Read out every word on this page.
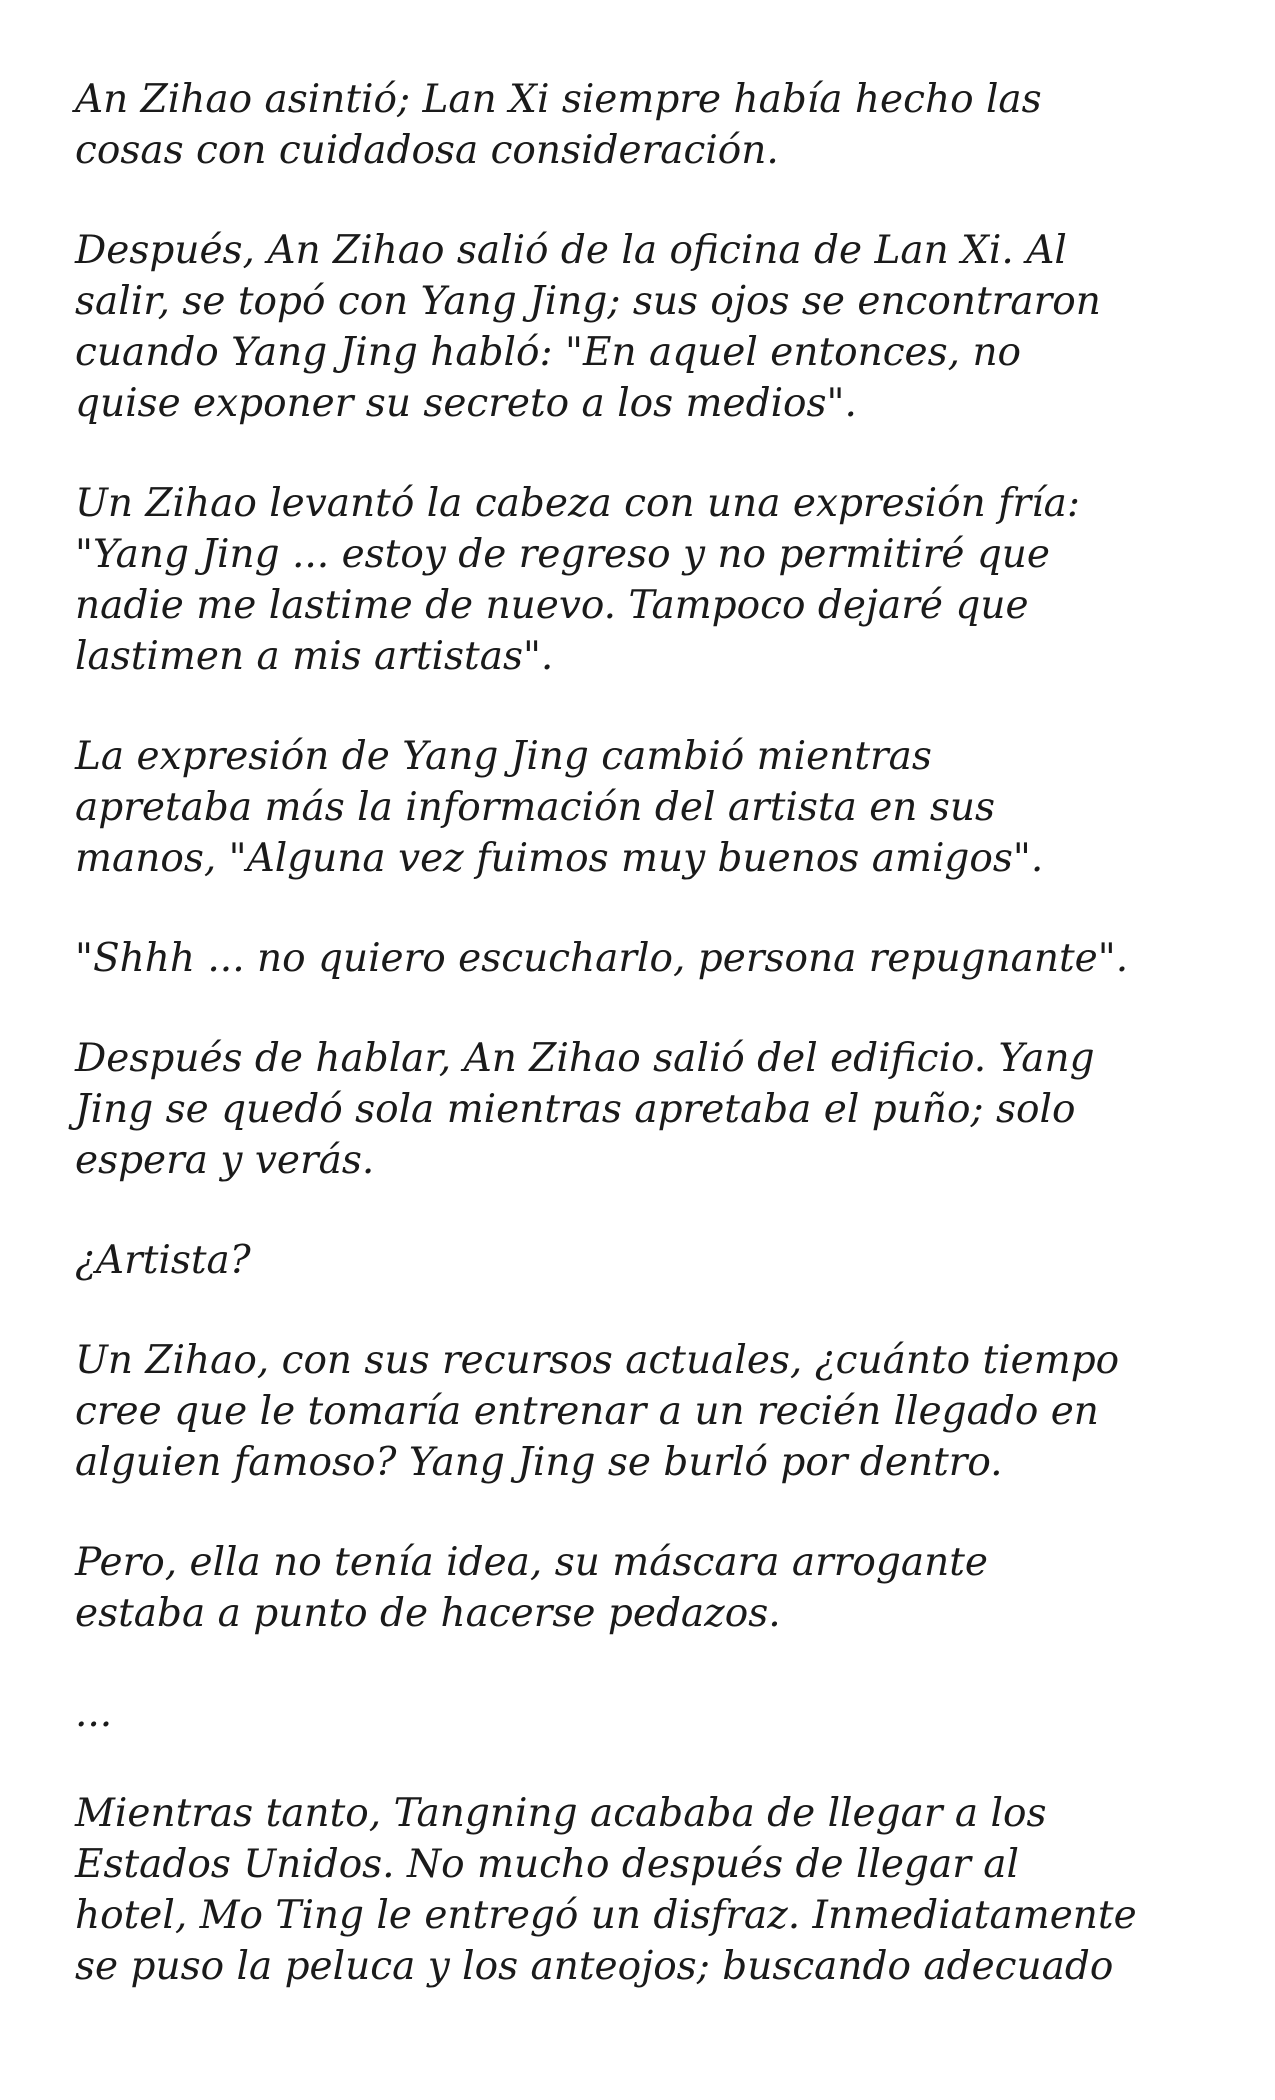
An Zihao asintió; Lan Xi siempre había hecho las
cosas con cuidadosa consideración.

Después, An Zihao salió de la oficina de Lan Xi. Al
salir, se topó con Yang Jing; sus ojos se encontraron
cuando Yang Jing habló: "En aquel entonces, no
quise exponer su secreto a los medios".

Un Zihao levantó la cabeza con una expresión fría:
"Yang Jing ... estoy de regreso y no permitiré que
nadie me lastime de nuevo. Tampoco dejaré que
lastimen a mis artistas".

La expresión de Yang Jing cambió mientras
apretaba más la información del artista en sus
manos, "Alguna vez fuimos muy buenos amigos".

"Shhh ... no quiero escucharlo, persona repugnante".

Después de hablar, An Zihao salió del edificio. Yang
Jing se quedó sola mientras apretaba el puño; solo
espera y verás.

¿Artista?

Un Zihao, con sus recursos actuales, ¿cuánto tiempo
cree que le tomaría entrenar a un recién llegado en
alguien famoso? Yang Jing se burló por dentro.

Pero, ella no tenía idea, su máscara arrogante
estaba a punto de hacerse pedazos.

...

Mientras tanto, Tangning acababa de llegar a los
Estados Unidos. No mucho después de llegar al
hotel, Mo Ting le entregó un disfraz. Inmediatamente
se puso la peluca y los anteojos; buscando adecuado
